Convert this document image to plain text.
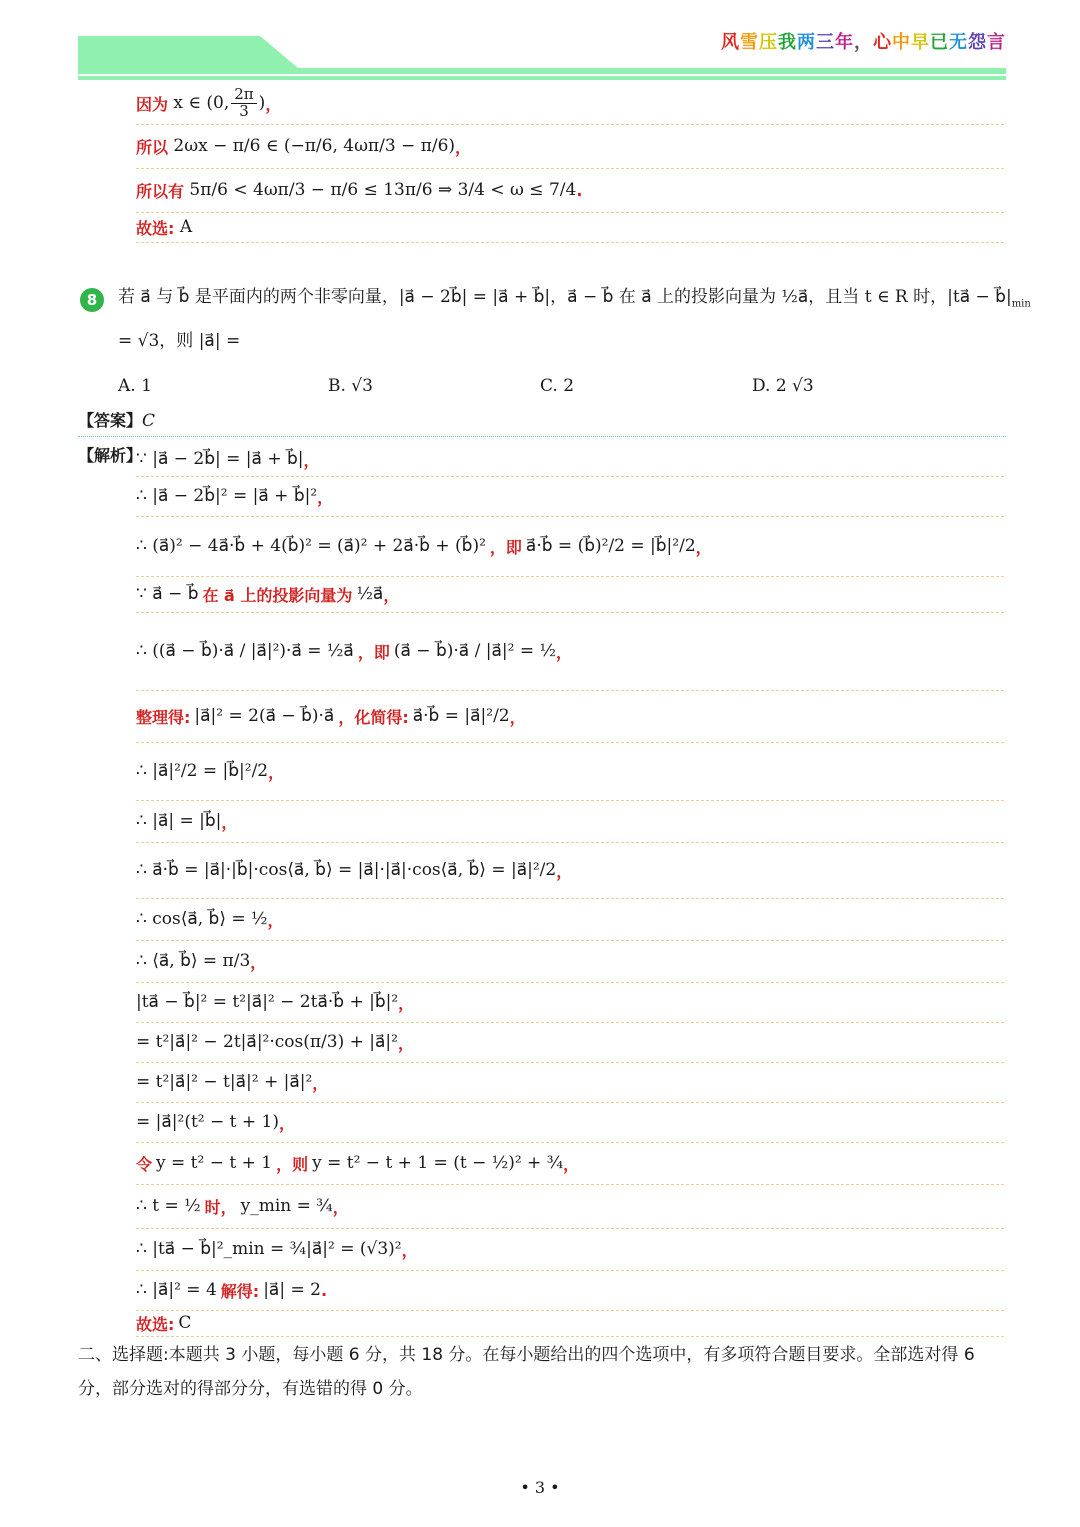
风雪压我两三年，心中早已无怨言
因为
x ∈ (0, $\frac{2\pi}{3}$ ) ，
所以
2ωx − π/6 ∈ (−π/6, 4ωπ/3 − π/6) ，
所以有
5π/6 < 4ωπ/3 − π/6 ≤ 13π/6 ⇒ 3/4 < ω ≤ 7/4 .
故选:
A
8	若 a⃗ 与 b⃗ 是平面内的两个非零向量，|a⃗ − 2b⃗| = |a⃗ + b⃗|，a⃗ − b⃗ 在 a⃗ 上的投影向量为 ½a⃗，且当 t ∈ R 时，|ta⃗ − $b⃗|_{min}$
= √3，则 |a⃗| =
A. 1	B. √3	C. 2	D. 2 √3
【答案】C
【解析】
∵ |a⃗ − 2b⃗| = |a⃗ + b⃗| ，
∴ |a⃗ − 2b⃗|² = |a⃗ + b⃗|² ，
∴ (a⃗)² − 4a⃗·b⃗ + 4(b⃗)² = (a⃗)² + 2a⃗·b⃗ + (b⃗)² ，即 a⃗·b⃗ = (b⃗)²/2 = |b⃗|²/2 ，
∵ a⃗ − b⃗ 在 a⃗ 上的投影向量为 ½a⃗ ，
∴ ((a⃗ − b⃗)·a⃗ / |a⃗|²)·a⃗ = ½a⃗ ，即 (a⃗ − b⃗)·a⃗ / |a⃗|² = ½ ，
整理得: |a⃗|² = 2(a⃗ − b⃗)·a⃗ ，化简得: a⃗·b⃗ = |a⃗|²/2 ，
∴ |a⃗|²/2 = |b⃗|²/2 ，
∴ |a⃗| = |b⃗| ，
∴ a⃗·b⃗ = |a⃗|·|b⃗|·cos⟨a⃗, b⃗⟩ = |a⃗|·|a⃗|·cos⟨a⃗, b⃗⟩ = |a⃗|²/2 ，
∴ cos⟨a⃗, b⃗⟩ = ½ ，
∴ ⟨a⃗, b⃗⟩ = π/3 ，
|ta⃗ − b⃗|² = t²|a⃗|² − 2ta⃗·b⃗ + |b⃗|² ，
= t²|a⃗|² − 2t|a⃗|²·cos(π/3) + |a⃗|² ，
= t²|a⃗|² − t|a⃗|² + |a⃗|² ，
= |a⃗|²(t² − t + 1) ，
令 y = t² − t + 1 ，则 y = t² − t + 1 = (t − ½)² + ¾ ，
∴ t = ½ 时， y_min = ¾ ，
∴ |ta⃗ − b⃗|²_min = ¾|a⃗|² = (√3)² ，
∴ |a⃗|² = 4 解得: |a⃗| = 2 .
故选: C
二、选择题:本题共 3 小题，每小题 6 分，共 18 分。在每小题给出的四个选项中，有多项符合题目要求。全部选对得 6 分，部分选对的得部分分，有选错的得 0 分。
• 3 •
